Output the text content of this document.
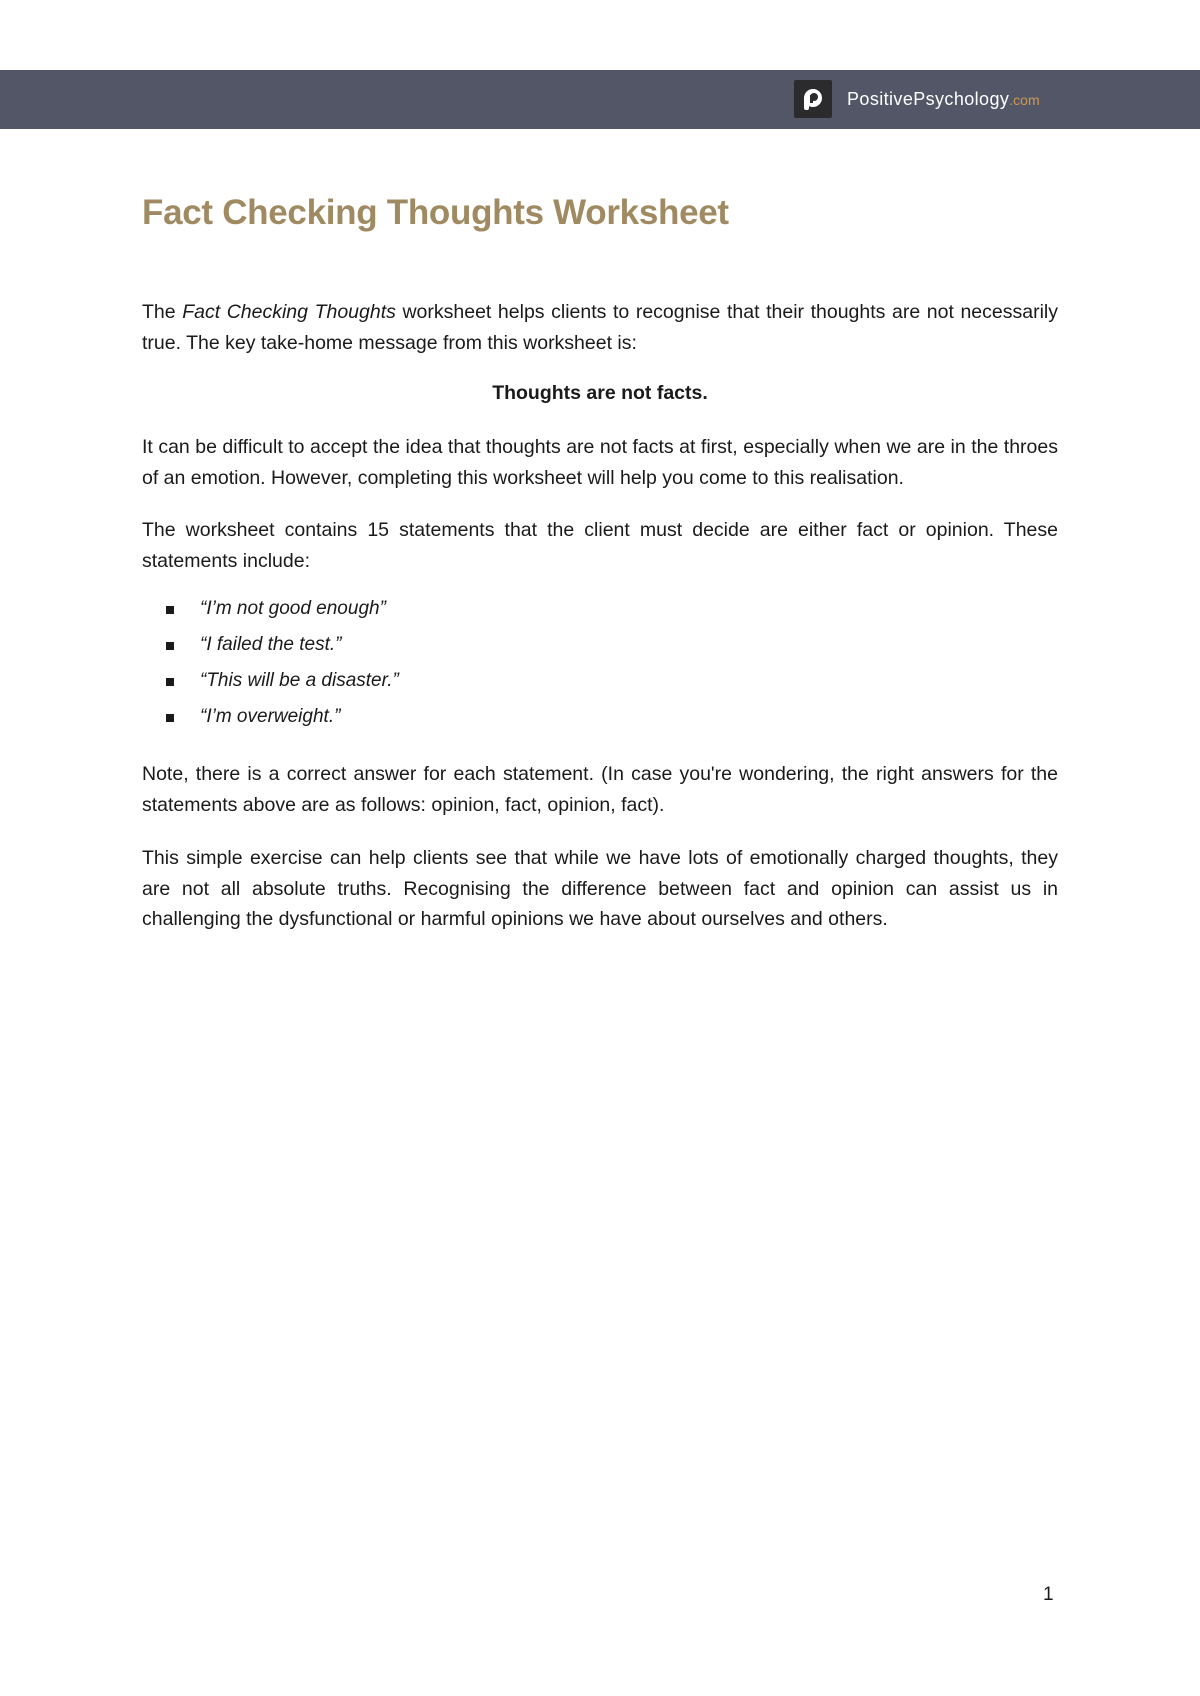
PositivePsychology.com
Fact Checking Thoughts Worksheet

The Fact Checking Thoughts worksheet helps clients to recognise that their thoughts are not necessarily true. The key take-home message from this worksheet is:

Thoughts are not facts.

It can be difficult to accept the idea that thoughts are not facts at first, especially when we are in the throes of an emotion. However, completing this worksheet will help you come to this realisation.

The worksheet contains 15 statements that the client must decide are either fact or opinion. These statements include:

“I’m not good enough”
“I failed the test.”
“This will be a disaster.”
“I’m overweight.”

Note, there is a correct answer for each statement. (In case you're wondering, the right answers for the statements above are as follows: opinion, fact, opinion, fact).

This simple exercise can help clients see that while we have lots of emotionally charged thoughts, they are not all absolute truths. Recognising the difference between fact and opinion can assist us in challenging the dysfunctional or harmful opinions we have about ourselves and others.

1
